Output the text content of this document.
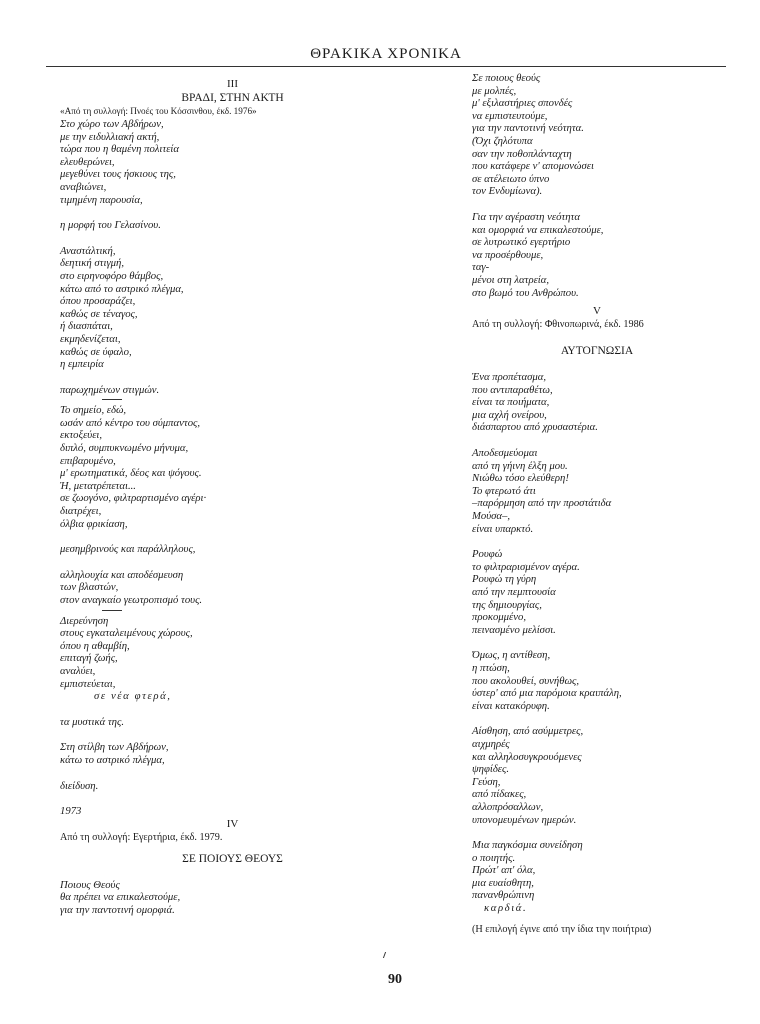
ΘΡΑΚΙΚΑ ΧΡΟΝΙΚΑ
ΙΙΙ
ΒΡΑΔΙ, ΣΤΗΝ ΑΚΤΗ
«Από τη συλλογή: Πνοές του Κόσσινθου, έκδ. 1976»
Στο χώρο των Αβδήρων,
με την ειδυλλιακή ακτή,
τώρα που η θαμένη πολιτεία
ελευθερώνει,
μεγεθύνει τους ήσκιους της,
αναβιώνει,
τιμημένη παρουσία,
η μορφή του Γελασίνου.
Αναστάλτική,
δεητική στιγμή,
στο ειρηνοφόρο θάμβος,
κάτω από το αστρικό πλέγμα,
όπου προσαράζει,
καθώς σε τέναγος,
ή διασπάται,
εκμηδενίζεται,
καθώς σε ύφαλο,
η εμπειρία
παρωχημένων στιγμών.
Το σημείο, εδώ,
ωσάν από κέντρο του σύμπαντος,
εκτοξεύει,
διπλό, συμπυκνωμένο μήνυμα,
επιβαρυμένο,
μ' ερωτηματικά, δέος και ψόγους.
Ή, μετατρέπεται...
σε ζωογόνο, φιλτραρτισμένο αγέρι·
διατρέχει,
όλβια φρικίαση,
μεσημβρινούς και παράλληλους,
αλληλουχία και αποδέσμευση
των βλαστών,
στον αναγκαίο γεωτροπισμό τους.
Διερεύνηση
στους εγκαταλειμένους χώρους,
όπου η αθαμβίη,
επιταγή ζωής,
αναλύει,
εμπιστεύεται,
σε νέα φτερά,
τα μυστικά της.
Στη στίλβη των Αβδήρων,
κάτω το αστρικό πλέγμα,
διείδυση.
1973
IV
Από τη συλλογή: Εγερτήρια, έκδ. 1979.
ΣΕ ΠΟΙΟΥΣ ΘΕΟΥΣ
Ποιους Θεούς
θα πρέπει να επικαλεστούμε,
για την παντοτινή ομορφιά.
Σε ποιους θεούς
με μολπές,
μ' εξιλαστήριες σπονδές
να εμπιστευτούμε,
για την παντοτινή νεότητα.
(Όχι ζηλότυπα
σαν την ποθοπλάνταχτη
που κατάφερε ν' απομονώσει
σε ατέλειωτο ύπνο
τον Ενδυμίωνα).
Για την αγέραστη νεότητα
και ομορφιά να επικαλεστούμε,
σε λυτρωτικό εγερτήριο
να προσέρθουμε,
ταγ-
μένοι στη λατρεία,
στο βωμό του Ανθρώπου.
V
Από τη συλλογή: Φθινοπωρινά, έκδ. 1986
ΑΥΤΟΓΝΩΣΙΑ
Ένα προπέτασμα,
που αντιπαραθέτω,
είναι τα ποιήματα,
μια αχλή ονείρου,
διάσπαρτου από χρυσαστέρια.
Αποδεσμεύομαι
από τη γήινη έλξη μου.
Νιώθω τόσο ελεύθερη!
Το φτερωτό άτι
–παρόρμηση από την προστάτιδα
Μούσα–,
είναι υπαρκτό.
Ρουφώ
το φιλτραρισμένον αγέρα.
Ρουφώ τη γύρη
από την πεμπτουσία
της δημιουργίας,
προκομμένο,
πεινασμένο μελίσσι.
Όμως, η αντίθεση,
η πτώση,
που ακολουθεί, συνήθως,
ύστερ' από μια παρόμοια κραιπάλη,
είναι κατακόρυφη.
Αίσθηση, από ασύμμετρες,
αιχμηρές
και αλληλοσυγκρουόμενες
ψηφίδες.
Γεύση,
από πίδακες,
αλλοπρόσαλλων,
υπονομευμένων ημερών.
Μια παγκόσμια συνείδηση
ο ποιητής.
Πρώτ' απ' όλα,
μια ευαίσθητη,
πανανθρώπινη
καρδιά.
(Η επιλογή έγινε από την ίδια την ποιήτρια)
90
